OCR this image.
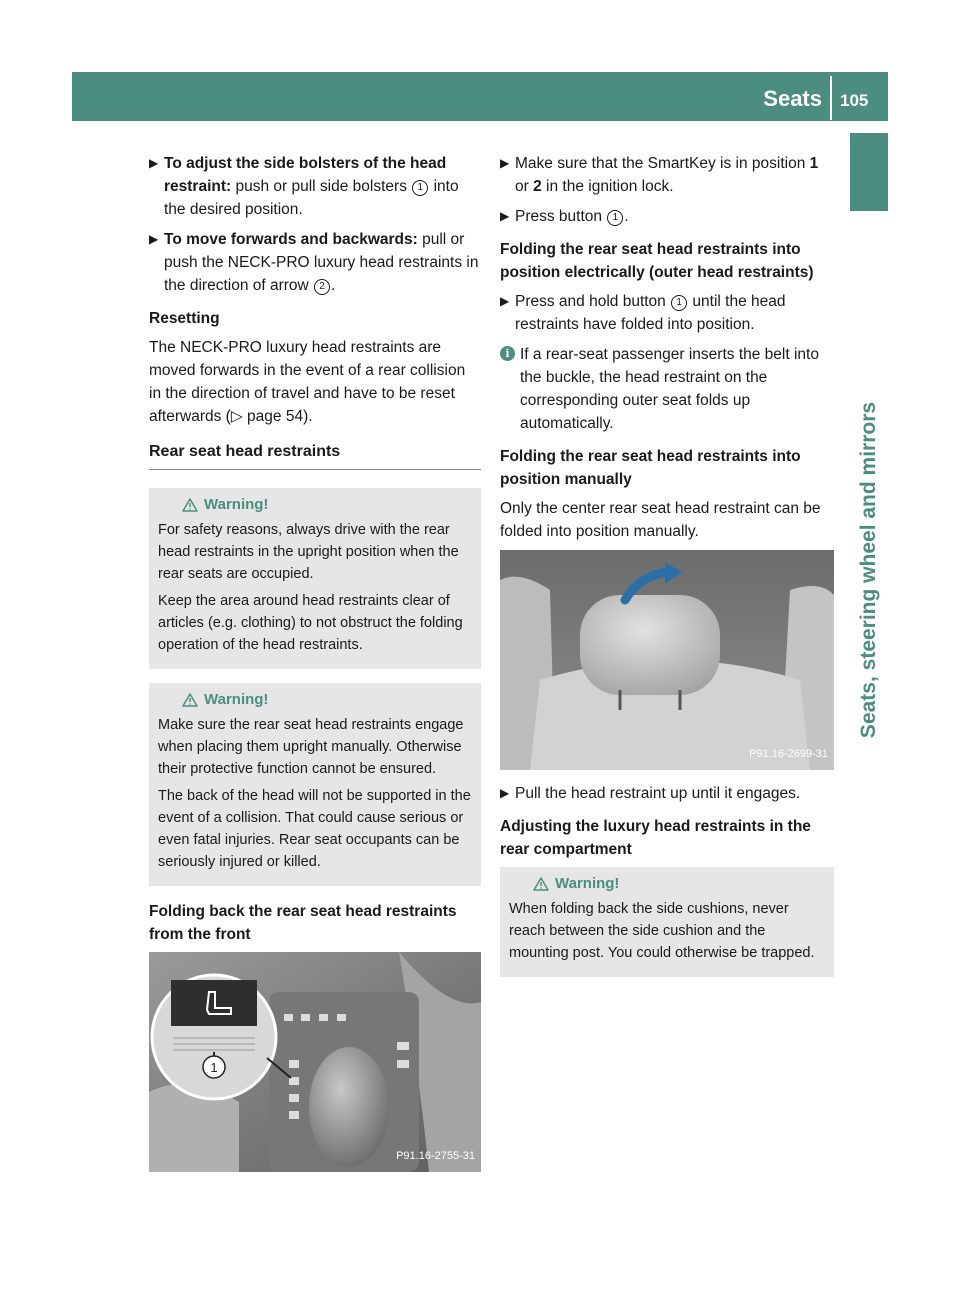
Seats 105
Seats, steering wheel and mirrors
▶ To adjust the side bolsters of the head restraint: push or pull side bolsters 1 into the desired position.
▶ To move forwards and backwards: pull or push the NECK-PRO luxury head restraints in the direction of arrow 2 .
Resetting

The NECK-PRO luxury head restraints are moved forwards in the event of a rear collision in the direction of travel and have to be reset afterwards (▷ page 54).

Rear seat head restraints
Warning!

For safety reasons, always drive with the rear head restraints in the upright position when the rear seats are occupied.

Keep the area around head restraints clear of articles (e.g. clothing) to not obstruct the folding operation of the head restraints.

Warning!

Make sure the rear seat head restraints engage when placing them upright manually. Otherwise their protective function cannot be ensured.

The back of the head will not be supported in the event of a collision. That could cause serious or even fatal injuries. Rear seat occupants can be seriously injured or killed.

Folding back the rear seat head restraints from the front
1
P91.16-2755-31
▶ Make sure that the SmartKey is in position 1 or 2 in the ignition lock.
▶ Press button 1 .
Folding the rear seat head restraints into position electrically (outer head restraints)
▶ Press and hold button 1 until the head restraints have folded into position.
i If a rear-seat passenger inserts the belt into the buckle, the head restraint on the corresponding outer seat folds up automatically.
Folding the rear seat head restraints into position manually

Only the center rear seat head restraint can be folded into position manually.

P91.16-2699-31
▶ Pull the head restraint up until it engages.
Adjusting the luxury head restraints in the rear compartment
Warning!

When folding back the side cushions, never reach between the side cushion and the mounting post. You could otherwise be trapped.
